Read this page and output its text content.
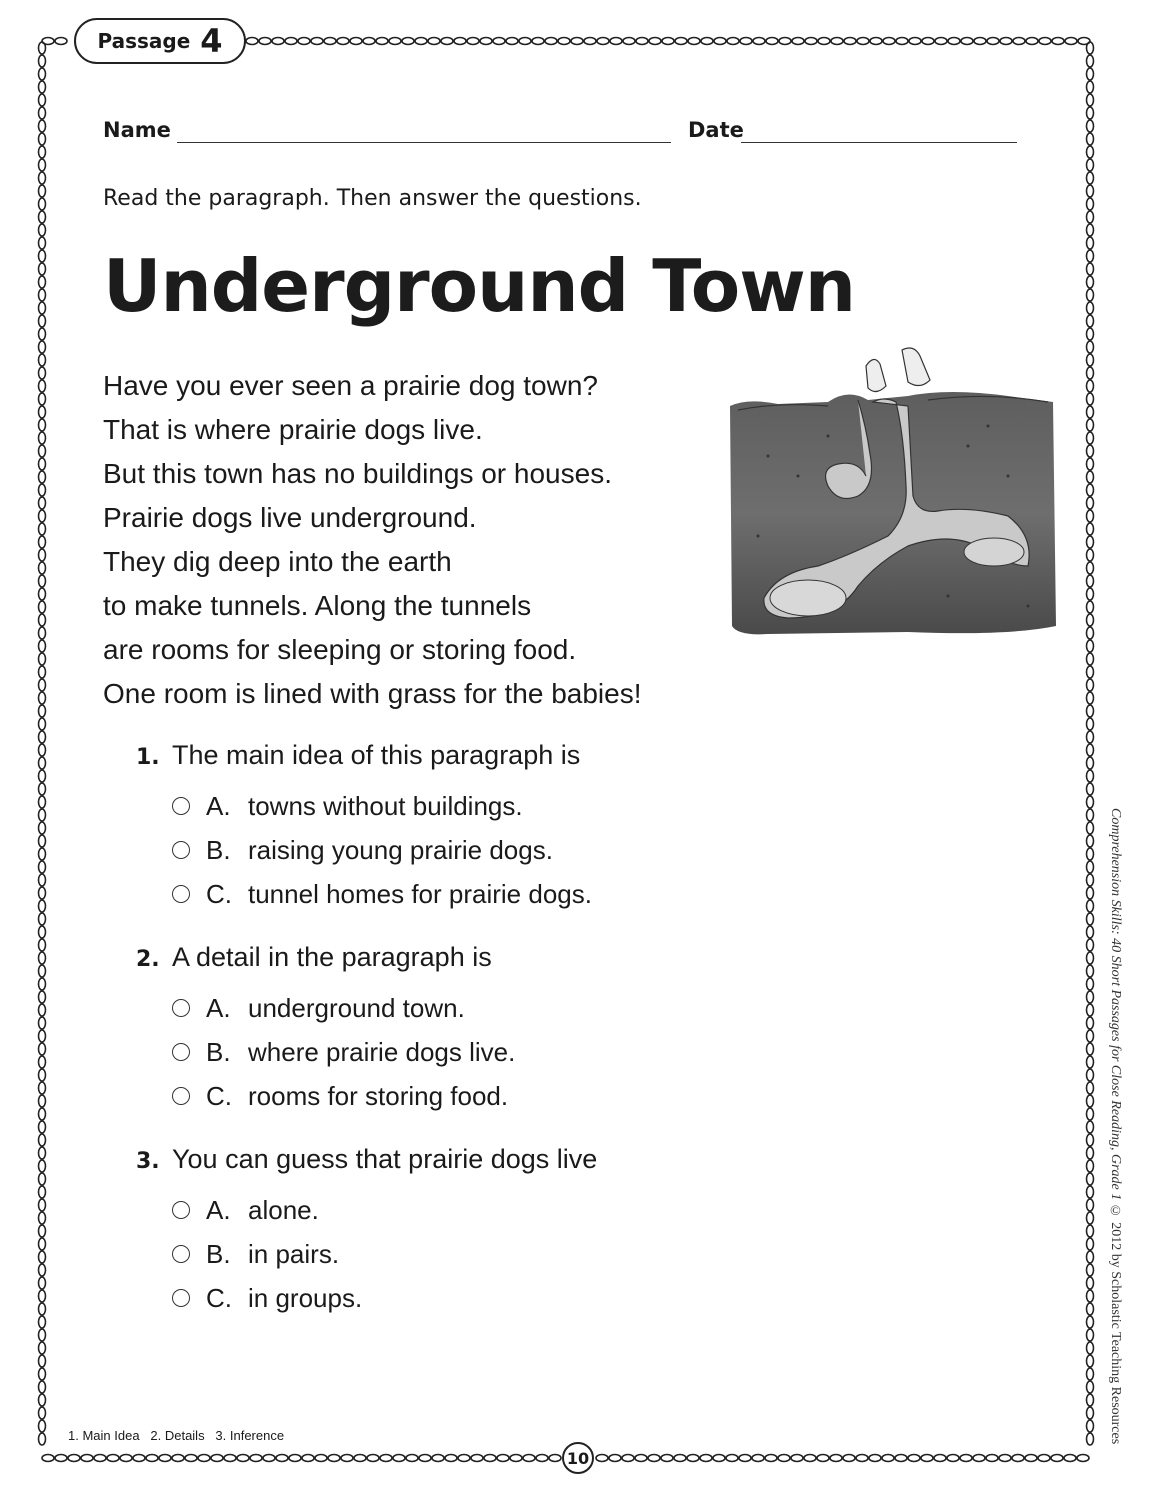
Passage 4
Name	Date
Read the paragraph. Then answer the questions.
Underground Town
Have you ever seen a prairie dog town?
That is where prairie dogs live.
But this town has no buildings or houses.
Prairie dogs live underground.
They dig deep into the earth
to make tunnels. Along the tunnels
are rooms for sleeping or storing food.
One room is lined with grass for the babies!
1. The main idea of this paragraph is
A. towns without buildings.
B. raising young prairie dogs.
C. tunnel homes for prairie dogs.
2. A detail in the paragraph is
A. underground town.
B. where prairie dogs live.
C. rooms for storing food.
3. You can guess that prairie dogs live
A. alone.
B. in pairs.
C. in groups.
1. Main Idea   2. Details   3. Inference
10
Comprehension Skills: 40 Short Passages for Close Reading, Grade 1 © 2012 by Scholastic Teaching Resources
